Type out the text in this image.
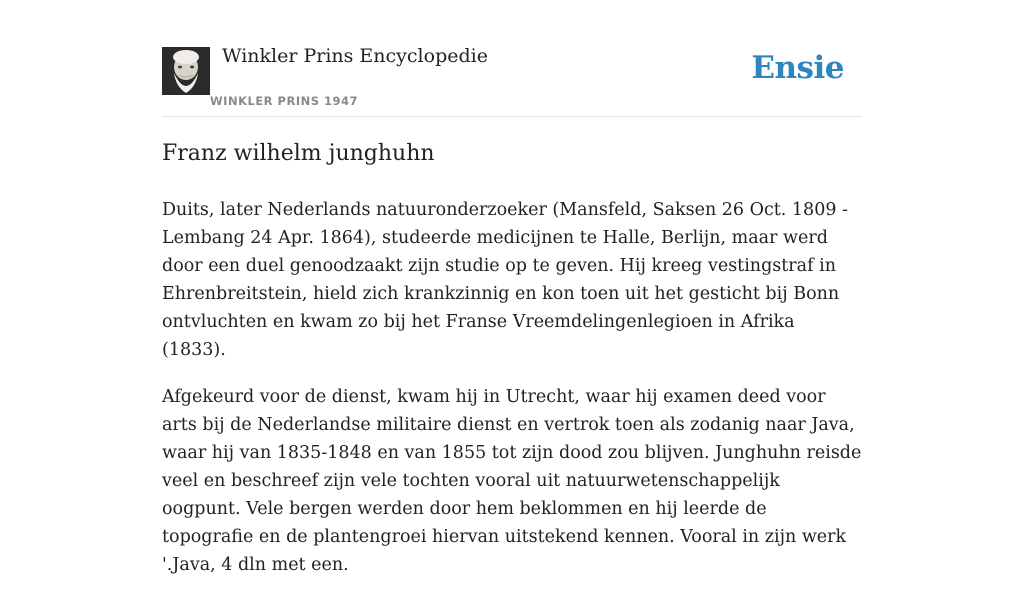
Winkler Prins Encyclopedie
WINKLER PRINS 1947
Ensie
Franz wilhelm junghuhn

Duits, later Nederlands natuuronderzoeker (Mansfeld, Saksen 26 Oct. 1809 - Lembang 24 Apr. 1864), studeerde medicijnen te Halle, Berlijn, maar werd door een duel genoodzaakt zijn studie op te geven. Hij kreeg vestingstraf in Ehrenbreitstein, hield zich krankzinnig en kon toen uit het gesticht bij Bonn ontvluchten en kwam zo bij het Franse Vreemdelingenlegioen in Afrika (1833).

Afgekeurd voor de dienst, kwam hij in Utrecht, waar hij examen deed voor arts bij de Nederlandse militaire dienst en vertrok toen als zodanig naar Java, waar hij van 1835-1848 en van 1855 tot zijn dood zou blijven. Junghuhn reisde veel en beschreef zijn vele tochten vooral uit natuurwetenschappelijk oogpunt. Vele bergen werden door hem beklommen en hij leerde de topografie en de plantengroei hiervan uitstekend kennen. Vooral in zijn werk '.Java, 4 dln met een.
